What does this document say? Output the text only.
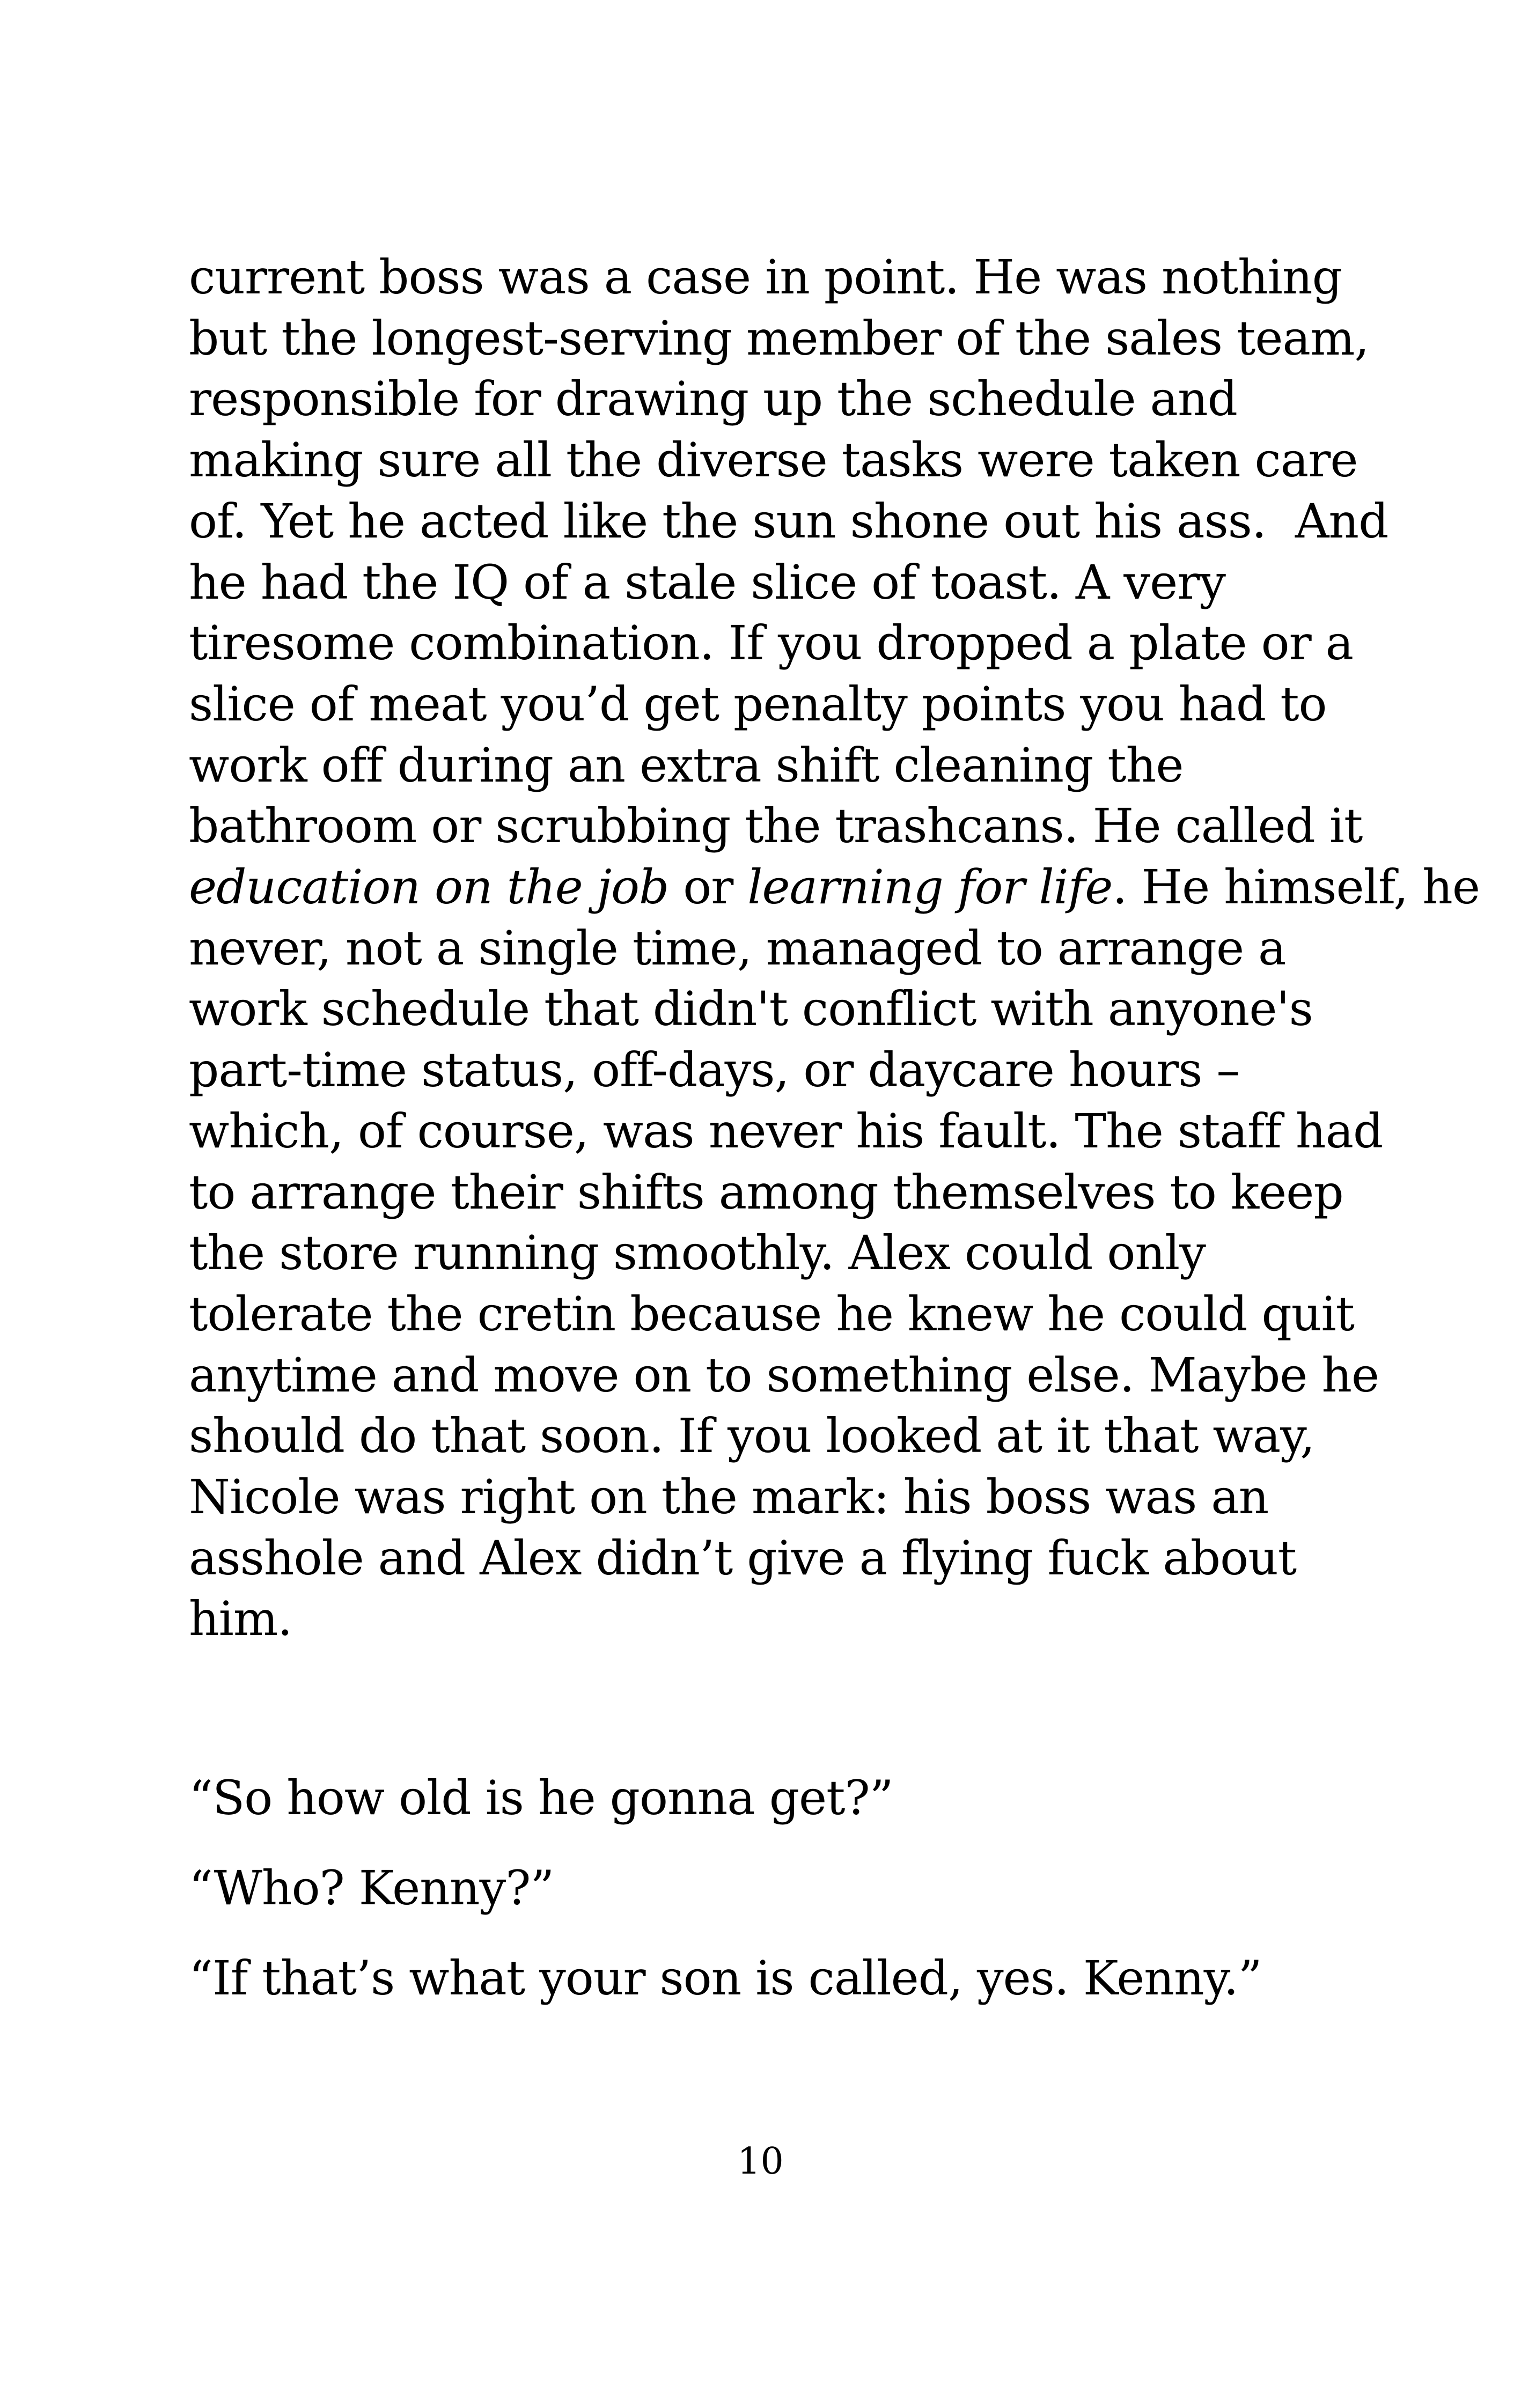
current boss was a case in point. He was nothing
but the longest-serving member of the sales team,
responsible for drawing up the schedule and
making sure all the diverse tasks were taken care
of. Yet he acted like the sun shone out his ass.  And
he had the IQ of a stale slice of toast. A very
tiresome combination. If you dropped a plate or a
slice of meat you’d get penalty points you had to
work off during an extra shift cleaning the
bathroom or scrubbing the trashcans. He called it
education on the job or learning for life. He himself, he
never, not a single time, managed to arrange a
work schedule that didn't conflict with anyone's
part-time status, off-days, or daycare hours –
which, of course, was never his fault. The staff had
to arrange their shifts among themselves to keep
the store running smoothly. Alex could only
tolerate the cretin because he knew he could quit
anytime and move on to something else. Maybe he
should do that soon. If you looked at it that way,
Nicole was right on the mark: his boss was an
asshole and Alex didn’t give a flying fuck about
him.
“So how old is he gonna get?”
“Who? Kenny?”
“If that’s what your son is called, yes. Kenny.”
10
